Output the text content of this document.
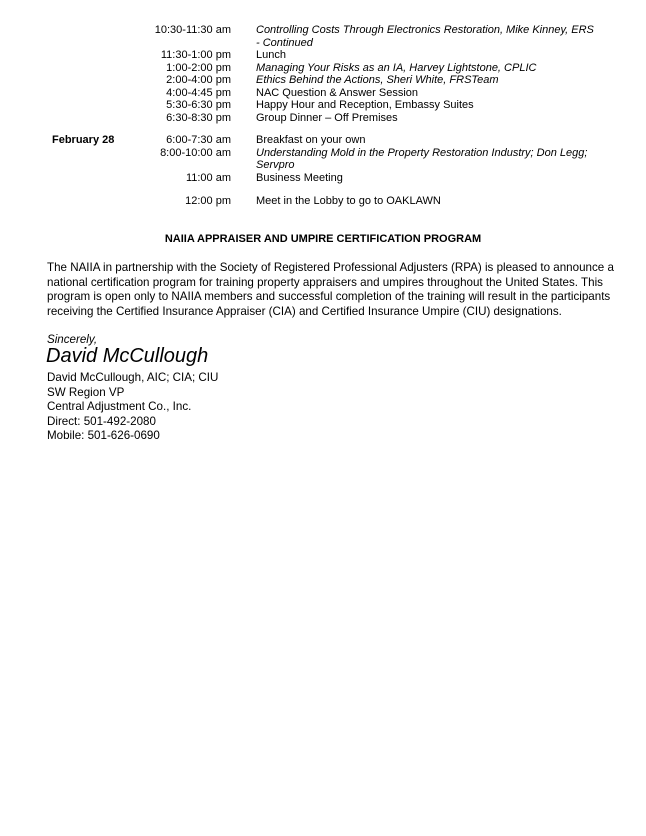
10:30-11:30 am	Controlling Costs Through Electronics Restoration, Mike Kinney, ERS - Continued
11:30-1:00 pm	Lunch
1:00-2:00 pm	Managing Your Risks as an IA, Harvey Lightstone, CPLIC
2:00-4:00 pm	Ethics Behind the Actions, Sheri White, FRSTeam
4:00-4:45 pm	NAC Question & Answer Session
5:30-6:30 pm	Happy Hour and Reception, Embassy Suites
6:30-8:30 pm	Group Dinner – Off Premises
February 28	6:00-7:30 am	Breakfast on your own
8:00-10:00 am	Understanding Mold in the Property Restoration Industry; Don Legg; Servpro
11:00 am	Business Meeting
12:00 pm	Meet in the Lobby to go to OAKLAWN
NAIIA APPRAISER AND UMPIRE CERTIFICATION PROGRAM

The NAIIA in partnership with the Society of Registered Professional Adjusters (RPA) is pleased to announce a national certification program for training property appraisers and umpires throughout the United States. This program is open only to NAIIA members and successful completion of the training will result in the participants receiving the Certified Insurance Appraiser (CIA) and Certified Insurance Umpire (CIU) designations.

Sincerely,
David McCullough
David McCullough, AIC; CIA; CIU
SW Region VP
Central Adjustment Co., Inc.
Direct: 501-492-2080
Mobile: 501-626-0690
